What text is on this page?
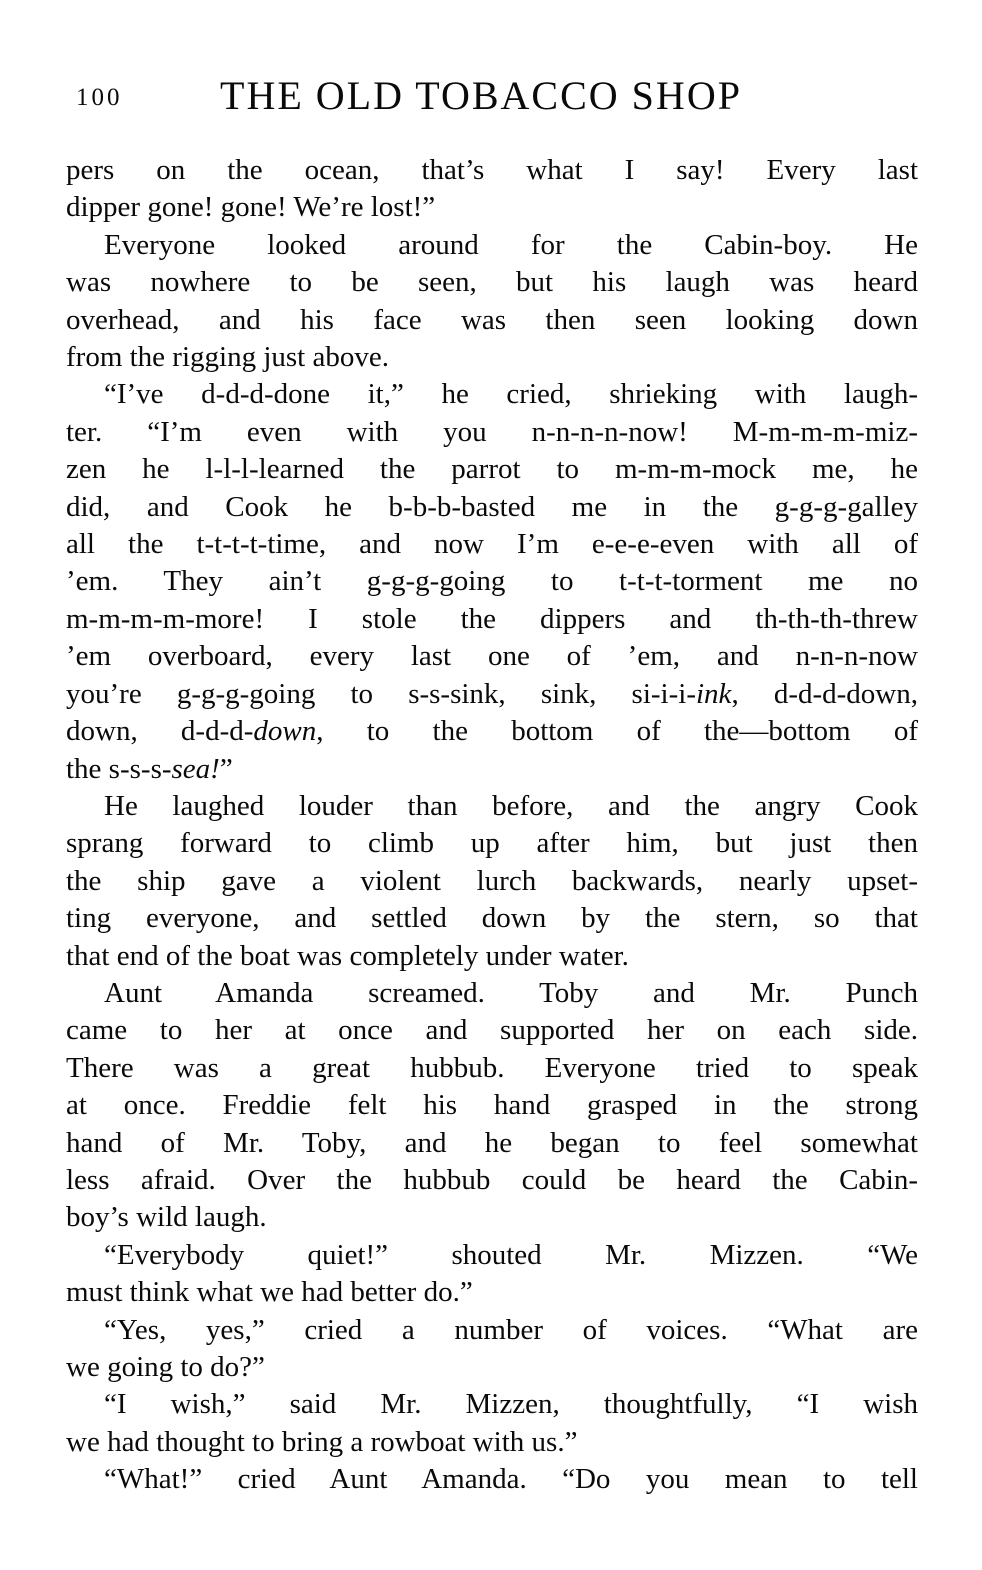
100	THE OLD TOBACCO SHOP
pers on the ocean, that’s what I say! Every last
dipper gone! gone! We’re lost!”
Everyone looked around for the Cabin-boy. He
was nowhere to be seen, but his laugh was heard
overhead, and his face was then seen looking down
from the rigging just above.
“I’ve d-d-d-done it,” he cried, shrieking with laugh-
ter. “I’m even with you n-n-n-n-now! M-m-m-m-miz-
zen he l-l-l-learned the parrot to m-m-m-mock me, he
did, and Cook he b-b-b-basted me in the g-g-g-galley
all the t-t-t-t-time, and now I’m e-e-e-even with all of
’em. They ain’t g-g-g-going to t-t-t-torment me no
m-m-m-m-more! I stole the dippers and th-th-th-threw
’em overboard, every last one of ’em, and n-n-n-now
you’re g-g-g-going to s-s-sink, sink, si-i-i-ink, d-d-d-down,
down, d-d-d-down, to the bottom of the—bottom of
the s-s-s-sea!”
He laughed louder than before, and the angry Cook
sprang forward to climb up after him, but just then
the ship gave a violent lurch backwards, nearly upset-
ting everyone, and settled down by the stern, so that
that end of the boat was completely under water.
Aunt Amanda screamed. Toby and Mr. Punch
came to her at once and supported her on each side.
There was a great hubbub. Everyone tried to speak
at once. Freddie felt his hand grasped in the strong
hand of Mr. Toby, and he began to feel somewhat
less afraid. Over the hubbub could be heard the Cabin-
boy’s wild laugh.
“Everybody quiet!” shouted Mr. Mizzen. “We
must think what we had better do.”
“Yes, yes,” cried a number of voices. “What are
we going to do?”
“I wish,” said Mr. Mizzen, thoughtfully, “I wish
we had thought to bring a rowboat with us.”
“What!” cried Aunt Amanda. “Do you mean to tell
